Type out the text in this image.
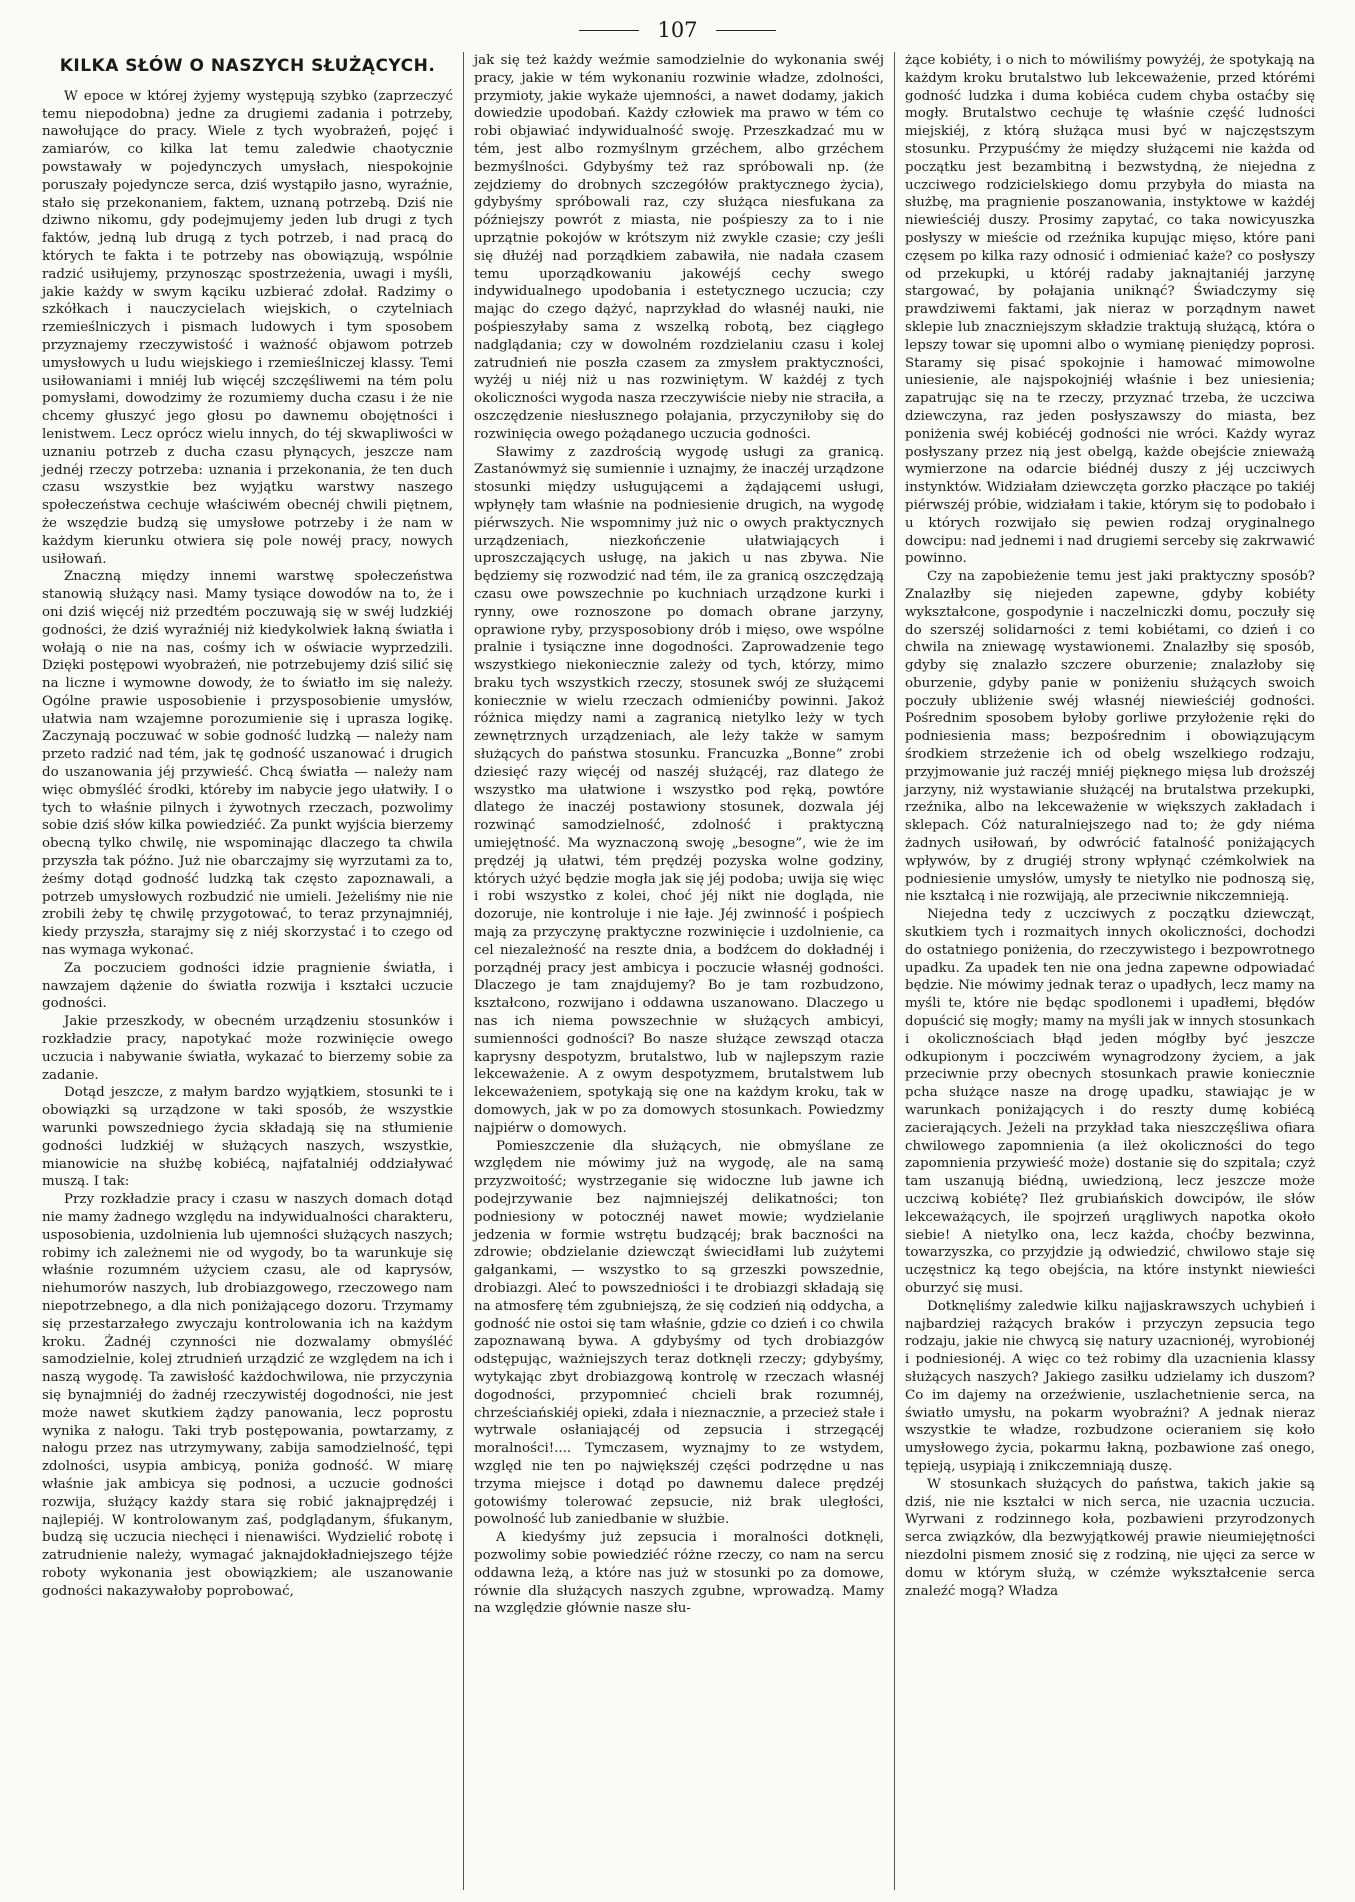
107
KILKA SŁÓW O NASZYCH SŁUŻĄCYCH.

W epoce w której żyjemy występują szybko (zaprzeczyć temu niepodobna) jedne za drugiemi zadania i potrzeby, nawołujące do pracy. Wiele z tych wyobrażeń, pojęć i zamiarów, co kilka lat temu zaledwie chaotycznie powstawały w pojedynczych umysłach, niespokojnie poruszały pojedyncze serca, dziś wystąpiło jasno, wyraźnie, stało się przekonaniem, faktem, uznaną potrzebą. Dziś nie dziwno nikomu, gdy podejmujemy jeden lub drugi z tych faktów, jedną lub drugą z tych potrzeb, i nad pracą do których te fakta i te potrzeby nas obowiązują, wspólnie radzić usiłujemy, przynosząc spostrzeżenia, uwagi i myśli, jakie każdy w swym kąciku uzbierać zdołał. Radzimy o szkółkach i nauczycielach wiejskich, o czytelniach rzemieślniczych i pismach ludowych i tym sposobem przyznajemy rzeczywistość i ważność objawom potrzeb umysłowych u ludu wiejskiego i rzemieślniczej klassy. Temi usiłowaniami i mniéj lub więcéj szczęśliwemi na tém polu pomysłami, dowodzimy że rozumiemy ducha czasu i że nie chcemy głuszyć jego głosu po dawnemu obojętności i lenistwem. Lecz oprócz wielu innych, do téj skwapliwości w uznaniu potrzeb z ducha czasu płynących, jeszcze nam jednéj rzeczy potrzeba: uznania i przekonania, że ten duch czasu wszystkie bez wyjątku warstwy naszego społeczeństwa cechuje właściwém obecnéj chwili piętnem, że wszędzie budzą się umysłowe potrzeby i że nam w każdym kierunku otwiera się pole nowéj pracy, nowych usiłowań.

Znaczną między innemi warstwę społeczeństwa stanowią służący nasi. Mamy tysiące dowodów na to, że i oni dziś więcéj niż przedtém poczuwają się w swéj ludzkiéj godności, że dziś wyraźniéj niż kiedykolwiek łakną światła i wołają o nie na nas, cośmy ich w oświacie wyprzedzili. Dzięki postępowi wyobrażeń, nie potrzebujemy dziś silić się na liczne i wymowne dowody, że to światło im się należy. Ogólne prawie usposobienie i przysposobienie umysłów, ułatwia nam wzajemne porozumienie się i uprasza logikę. Zaczynają poczuwać w sobie godność ludzką — należy nam przeto radzić nad tém, jak tę godność uszanować i drugich do uszanowania jéj przywieść. Chcą światła — należy nam więc obmyśléć środki, któreby im nabycie jego ułatwiły. I o tych to właśnie pilnych i żywotnych rzeczach, pozwolimy sobie dziś słów kilka powiedziéć. Za punkt wyjścia bierzemy obecną tylko chwilę, nie wspominając dlaczego ta chwila przyszła tak późno. Już nie obarczajmy się wyrzutami za to, żeśmy dotąd godność ludzką tak często zapoznawali, a potrzeb umysłowych rozbudzić nie umieli. Jeżeliśmy nie nie zrobili żeby tę chwilę przygotować, to teraz przynajmniéj, kiedy przyszła, starajmy się z niéj skorzystać i to czego od nas wymaga wykonać.

Za poczuciem godności idzie pragnienie światła, i nawzajem dążenie do światła rozwija i kształci uczucie godności.

Jakie przeszkody, w obecném urządzeniu stosunków i rozkładzie pracy, napotykać może rozwinięcie owego uczucia i nabywanie światła, wykazać to bierzemy sobie za zadanie.

Dotąd jeszcze, z małym bardzo wyjątkiem, stosunki te i obowiązki są urządzone w taki sposób, że wszystkie warunki powszedniego życia składają się na stłumienie godności ludzkiéj w służących naszych, wszystkie, mianowicie na służbę kobiécą, najfatalniéj oddziaływać muszą. I tak:

Przy rozkładzie pracy i czasu w naszych domach dotąd nie mamy żadnego względu na indywidualności charakteru, usposobienia, uzdolnienia lub ujemności służących naszych; robimy ich zależnemi nie od wygody, bo ta warunkuje się właśnie rozumném użyciem czasu, ale od kaprysów, niehumorów naszych, lub drobiazgowego, rzeczowego nam niepotrzebnego, a dla nich poniżającego dozoru. Trzymamy się przestarzałego zwyczaju kontrolowania ich na każdym kroku. Żadnéj czynności nie dozwalamy obmyśléć samodzielnie, kolej ztrudnień urządzić ze względem na ich i naszą wygodę. Ta zawisłość każdochwilowa, nie przyczynia się bynajmniéj do żadnéj rzeczywistéj dogodności, nie jest może nawet skutkiem żądzy panowania, lecz poprostu wynika z nałogu. Taki tryb postępowania, powtarzamy, z nałogu przez nas utrzymywany, zabija samodzielność, tępi zdolności, usypia ambicyą, poniża godność. W miarę właśnie jak ambicya się podnosi, a uczucie godności rozwija, służący każdy stara się robić jaknajprędzéj i najlepiéj. W kontrolowanym zaś, podglądanym, śfukanym, budzą się uczucia niechęci i nienawiści. Wydzielić robotę i zatrudnienie należy, wymagać jaknajdokładniejszego téjże roboty wykonania jest obowiązkiem; ale uszanowanie godności nakazywałoby poprobować,

jak się też każdy weźmie samodzielnie do wykonania swéj pracy, jakie w tém wykonaniu rozwinie władze, zdolności, przymioty, jakie wykaże ujemności, a nawet dodamy, jakich dowiedzie upodobań. Każdy człowiek ma prawo w tém co robi objawiać indywidualność swoję. Przeszkadzać mu w tém, jest albo rozmyślnym grzéchem, albo grzéchem bezmyślności. Gdybyśmy też raz spróbowali np. (że zejdziemy do drobnych szczegółów praktycznego życia), gdybyśmy spróbowali raz, czy służąca niesfukana za późniejszy powrót z miasta, nie pośpieszy za to i nie uprzątnie pokojów w krótszym niż zwykle czasie; czy jeśli się dłużéj nad porządkiem zabawiła, nie nadała czasem temu uporządkowaniu jakowéjś cechy swego indywidualnego upodobania i estetycznego uczucia; czy mając do czego dążyć, naprzykład do własnéj nauki, nie pośpieszyłaby sama z wszelką robotą, bez ciągłego nadglądania; czy w dowolném rozdzielaniu czasu i kolej zatrudnień nie poszła czasem za zmysłem praktyczności, wyżéj u niéj niż u nas rozwiniętym. W każdéj z tych okoliczności wygoda nasza rzeczywiście nieby nie straciła, a oszczędzenie niesłusznego połajania, przyczyniłoby się do rozwinięcia owego pożądanego uczucia godności.

Sławimy z zazdrością wygodę usługi za granicą. Zastanówmyż się sumiennie i uznajmy, że inaczéj urządzone stosunki między usługującemi a żądającemi usługi, wpłynęły tam właśnie na podniesienie drugich, na wygodę piérwszych. Nie wspomnimy już nic o owych praktycznych urządzeniach, niezkończenie ułatwiających i uproszczających usługę, na jakich u nas zbywa. Nie będziemy się rozwodzić nad tém, ile za granicą oszczędzają czasu owe powszechnie po kuchniach urządzone kurki i rynny, owe roznoszone po domach obrane jarzyny, oprawione ryby, przysposobiony drób i mięso, owe wspólne pralnie i tysiączne inne dogodności. Zaprowadzenie tego wszystkiego niekoniecznie zależy od tych, którzy, mimo braku tych wszystkich rzeczy, stosunek swój ze służącemi koniecznie w wielu rzeczach odmienićby powinni. Jakoż różnica między nami a zagranicą nietylko leży w tych zewnętrznych urządzeniach, ale leży także w samym służących do państwa stosunku. Francuzka „Bonne” zrobi dziesięć razy więcéj od naszéj służącéj, raz dlatego że wszystko ma ułatwione i wszystko pod ręką, powtóre dlatego że inaczéj postawiony stosunek, dozwala jéj rozwinąć samodzielność, zdolność i praktyczną umiejętność. Ma wyznaczoną swoję „besogne”, wie że im prędzéj ją ułatwi, tém prędzéj pozyska wolne godziny, których użyć będzie mogła jak się jéj podoba; uwija się więc i robi wszystko z kolei, choć jéj nikt nie dogląda, nie dozoruje, nie kontroluje i nie łaje. Jéj zwinność i pośpiech mają za przyczynę praktyczne rozwinięcie i uzdolnienie, ca cel niezależność na reszte dnia, a bodźcem do dokładnéj i porządnéj pracy jest ambicya i poczucie własnéj godności. Dlaczego je tam znajdujemy? Bo je tam rozbudzono, kształcono, rozwijano i oddawna uszanowano. Dlaczego u nas ich niema powszechnie w służących ambicyi, sumienności godności? Bo nasze służące zewsząd otacza kaprysny despotyzm, brutalstwo, lub w najlepszym razie lekceważenie. A z owym despotyzmem, brutalstwem lub lekceważeniem, spotykają się one na każdym kroku, tak w domowych, jak w po za domowych stosunkach. Powiedzmy najpiérw o domowych.

Pomieszczenie dla służących, nie obmyślane ze względem nie mówimy już na wygodę, ale na samą przyzwoitość; wystrzeganie się widoczne lub jawne ich podejrzywanie bez najmniejszéj delikatności; ton podniesiony w potocznéj nawet mowie; wydzielanie jedzenia w formie wstrętu budzącéj; brak baczności na zdrowie; obdzielanie dziewcząt świecidłami lub zużytemi gałgankami, — wszystko to są grzeszki powszednie, drobiazgi. Aleć to powszedniości i te drobiazgi składają się na atmosferę tém zgubniejszą, że się codzień nią oddycha, a godność nie ostoi się tam właśnie, gdzie co dzień i co chwila zapoznawaną bywa. A gdybyśmy od tych drobiazgów odstępując, ważniejszych teraz dotknęli rzeczy; gdybyśmy, wytykając zbyt drobiazgową kontrolę w rzeczach własnéj dogodności, przypomnieć chcieli brak rozumnéj, chrześciańskiéj opieki, zdała i nieznacznie, a przecież stałe i wytrwale osłaniającéj od zepsucia i strzegącéj moralności!.... Tymczasem, wyznajmy to ze wstydem, względ nie ten po największéj części podrzędne u nas trzyma miejsce i dotąd po dawnemu dalece prędzéj gotowiśmy tolerować zepsucie, niż brak uległości, powolność lub zaniedbanie w służbie.

A kiedyśmy już zepsucia i moralności dotknęli, pozwolimy sobie powiedziéć różne rzeczy, co nam na sercu oddawna leżą, a które nas już w stosunki po za domowe, równie dla służących naszych zgubne, wprowadzą. Mamy na względzie głównie nasze słu-

żące kobiéty, i o nich to mówiliśmy powyżéj, że spotykają na każdym kroku brutalstwo lub lekceważenie, przed którémi godność ludzka i duma kobiéca cudem chyba ostaćby się mogły. Brutalstwo cechuje tę właśnie część ludności miejskiéj, z którą służąca musi być w najczęstszym stosunku. Przypuśćmy że między służącemi nie każda od początku jest bezambitną i bezwstydną, że niejedna z uczciwego rodzicielskiego domu przybyła do miasta na służbę, ma pragnienie poszanowania, instyktowe w każdéj niewieściéj duszy. Prosimy zapytać, co taka nowicyuszka posłyszy w mieście od rzeźnika kupując mięso, które pani częsem po kilka razy odnosić i odmieniać każe? co posłyszy od przekupki, u któréj radaby jaknajtaniéj jarzynę stargować, by połajania uniknąć? Świadczymy się prawdziwemi faktami, jak nieraz w porządnym nawet sklepie lub znaczniejszym składzie traktują służącą, która o lepszy towar się upomni albo o wymianę pieniędzy poprosi. Staramy się pisać spokojnie i hamować mimowolne uniesienie, ale najspokojniéj właśnie i bez uniesienia; zapatrując się na te rzeczy, przyznać trzeba, że uczciwa dziewczyna, raz jeden posłyszawszy do miasta, bez poniżenia swéj kobiécéj godności nie wróci. Każdy wyraz posłyszany przez nią jest obelgą, każde obejście znieważą wymierzone na odarcie biédnéj duszy z jéj uczciwych instynktów. Widziałam dziewczęta gorzko płaczące po takiéj piérwszéj próbie, widziałam i takie, którym się to podobało i u których rozwijało się pewien rodzaj oryginalnego dowcipu: nad jednemi i nad drugiemi serceby się zakrwawić powinno.

Czy na zapobieżenie temu jest jaki praktyczny sposób? Znalazłby się niejeden zapewne, gdyby kobiéty wykształcone, gospodynie i naczelniczki domu, poczuły się do szerszéj solidarności z temi kobiétami, co dzień i co chwila na zniewagę wystawionemi. Znalazłby się sposób, gdyby się znalazło szczere oburzenie; znalazłoby się oburzenie, gdyby panie w poniżeniu służących swoich poczuły ubliżenie swéj własnéj niewieściéj godności. Pośrednim sposobem byłoby gorliwe przyłożenie ręki do podniesienia mass; bezpośrednim i obowiązującym środkiem strzeżenie ich od obelg wszelkiego rodzaju, przyjmowanie już raczéj mniéj pięknego mięsa lub droższéj jarzyny, niż wystawianie służącéj na brutalstwa przekupki, rzeźnika, albo na lekceważenie w większych zakładach i sklepach. Cóż naturalniejszego nad to; że gdy niéma żadnych usiłowań, by odwrócić fatalność poniżających wpływów, by z drugiéj strony wpłynąć czémkolwiek na podniesienie umysłów, umysły te nietylko nie podnoszą się, nie kształcą i nie rozwijają, ale przeciwnie nikczemnieją.

Niejedna tedy z uczciwych z początku dziewcząt, skutkiem tych i rozmaitych innych okoliczności, dochodzi do ostatniego poniżenia, do rzeczywistego i bezpowrotnego upadku. Za upadek ten nie ona jedna zapewne odpowiadać będzie. Nie mówimy jednak teraz o upadłych, lecz mamy na myśli te, które nie będąc spodlonemi i upadłemi, błędów dopuścić się mogły; mamy na myśli jak w innych stosunkach i okolicznościach błąd jeden mógłby być jeszcze odkupionym i poczciwém wynagrodzony życiem, a jak przeciwnie przy obecnych stosunkach prawie koniecznie pcha służące nasze na drogę upadku, stawiając je w warunkach poniżających i do reszty dumę kobiécą zacierających. Jeżeli na przykład taka nieszczęśliwa ofiara chwilowego zapomnienia (a ileż okoliczności do tego zapomnienia przywieść może) dostanie się do szpitala; czyż tam uszanują biédną, uwiedzioną, lecz jeszcze może uczciwą kobiétę? Ileż grubiańskich dowcipów, ile słów lekceważących, ile spojrzeń urągliwych napotka około siebie! A nietylko ona, lecz każda, choćby bezwinna, towarzyszka, co przyjdzie ją odwiedzić, chwilowo staje się uczęstnicz ką tego obejścia, na które instynkt niewieści oburzyć się musi.

Dotknęliśmy zaledwie kilku najjaskrawszych uchybień i najbardziej rażących braków i przyczyn zepsucia tego rodzaju, jakie nie chwycą się natury uzacnionéj, wyrobionéj i podniesionéj. A więc co też robimy dla uzacnienia klassy służących naszych? Jakiego zasiłku udzielamy ich duszom? Co im dajemy na orzeźwienie, uszlachetnienie serca, na światło umysłu, na pokarm wyobraźni? A jednak nieraz wszystkie te władze, rozbudzone ocieraniem się koło umysłowego życia, pokarmu łakną, pozbawione zaś onego, tępieją, usypiają i znikczemniają duszę.

W stosunkach służących do państwa, takich jakie są dziś, nie nie kształci w nich serca, nie uzacnia uczucia. Wyrwani z rodzinnego koła, pozbawieni przyrodzonych serca związków, dla bezwyjątkowéj prawie nieumiejętności niezdolni pismem znosić się z rodziną, nie ujęci za serce w domu w którym służą, w czémże wykształcenie serca znaleźć mogą? Władza
